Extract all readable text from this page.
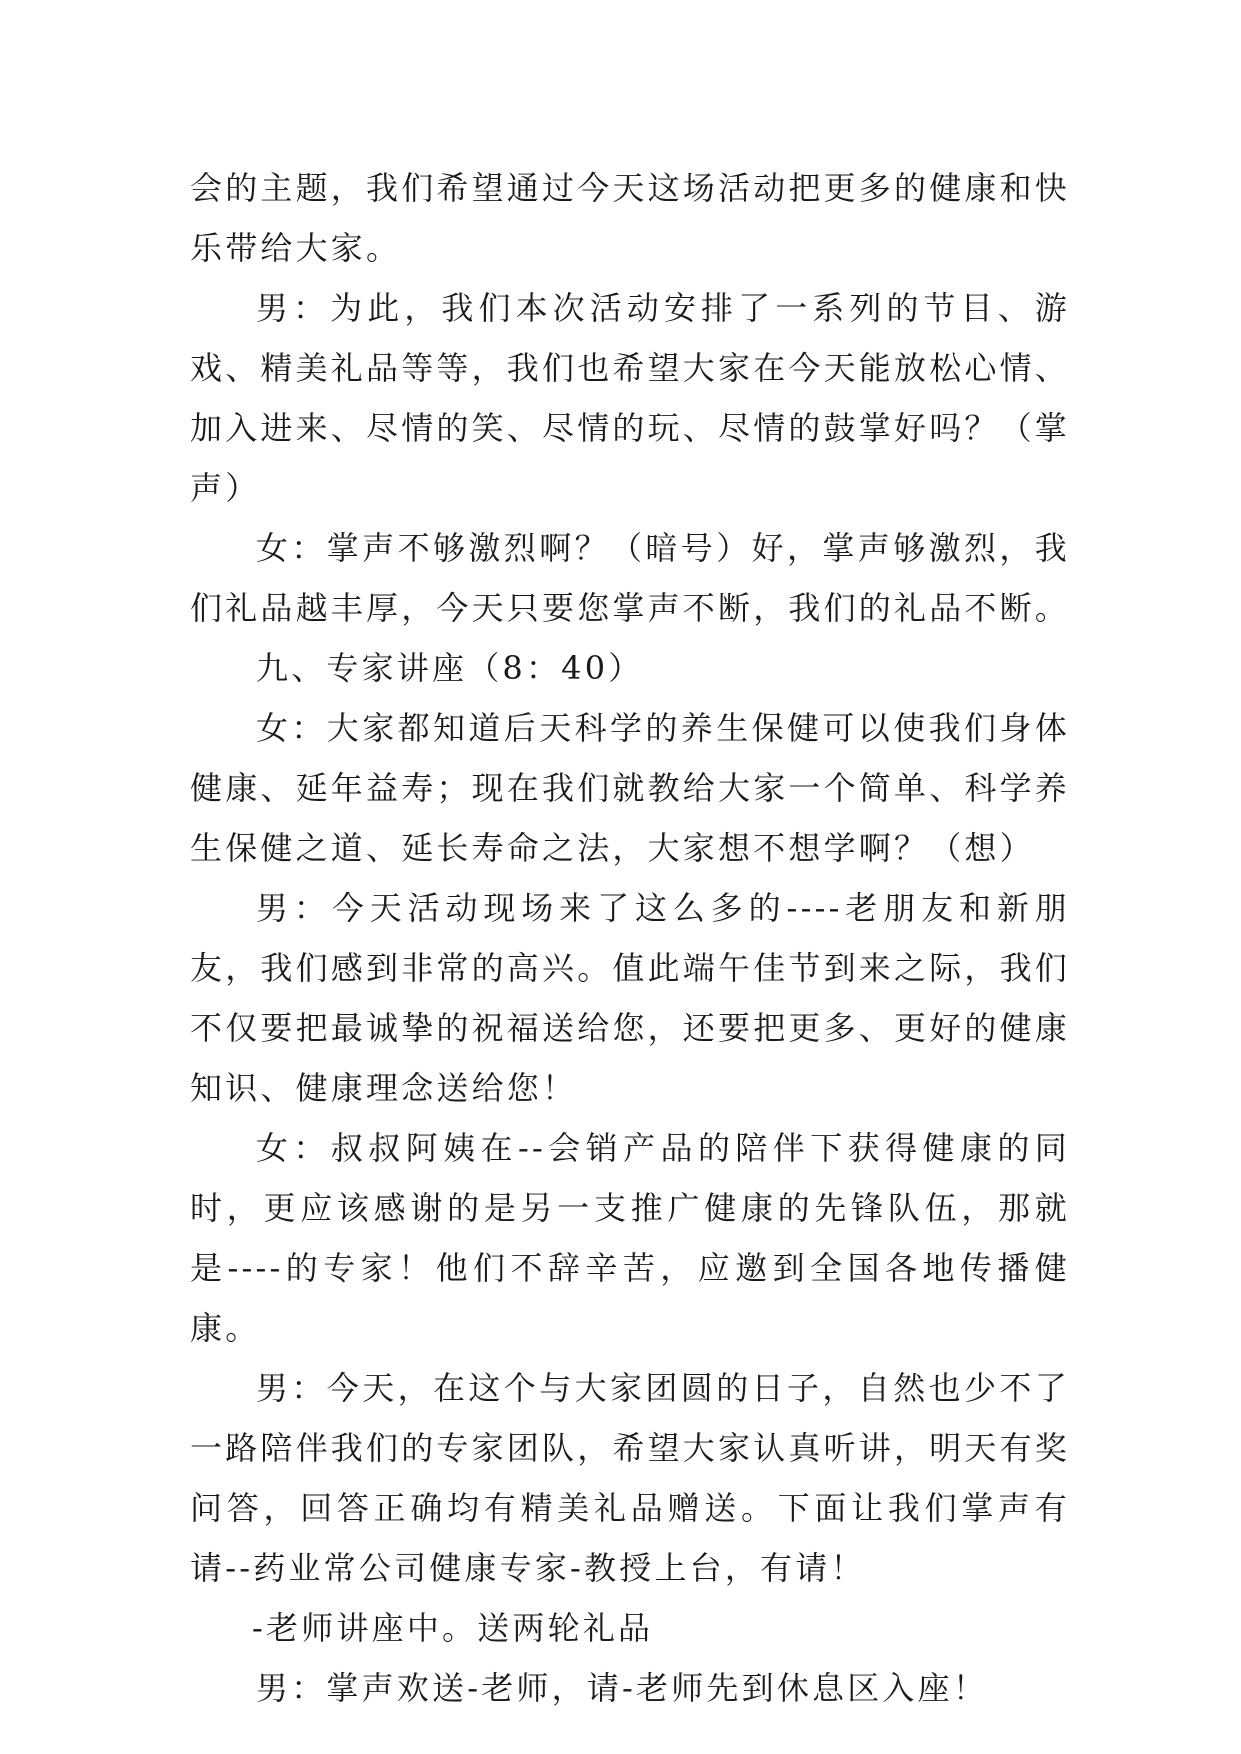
会的主题，我们希望通过今天这场活动把更多的健康和快乐带给大家。

男：为此，我们本次活动安排了一系列的节目、游戏、精美礼品等等，我们也希望大家在今天能放松心情、加入进来、尽情的笑、尽情的玩、尽情的鼓掌好吗？（掌声）

女：掌声不够激烈啊？（暗号）好，掌声够激烈，我们礼品越丰厚，今天只要您掌声不断，我们的礼品不断。

九、专家讲座（8：40）

女：大家都知道后天科学的养生保健可以使我们身体健康、延年益寿；现在我们就教给大家一个简单、科学养生保健之道、延长寿命之法，大家想不想学啊？（想）

男：今天活动现场来了这么多的----老朋友和新朋友，我们感到非常的高兴。值此端午佳节到来之际，我们不仅要把最诚挚的祝福送给您，还要把更多、更好的健康知识、健康理念送给您！

女：叔叔阿姨在--会销产品的陪伴下获得健康的同时，更应该感谢的是另一支推广健康的先锋队伍，那就是----的专家！他们不辞辛苦，应邀到全国各地传播健康。

男：今天，在这个与大家团圆的日子，自然也少不了一路陪伴我们的专家团队，希望大家认真听讲，明天有奖问答，回答正确均有精美礼品赠送。下面让我们掌声有请--药业常公司健康专家-教授上台，有请！

-老师讲座中。送两轮礼品

男：掌声欢送-老师，请-老师先到休息区入座！
